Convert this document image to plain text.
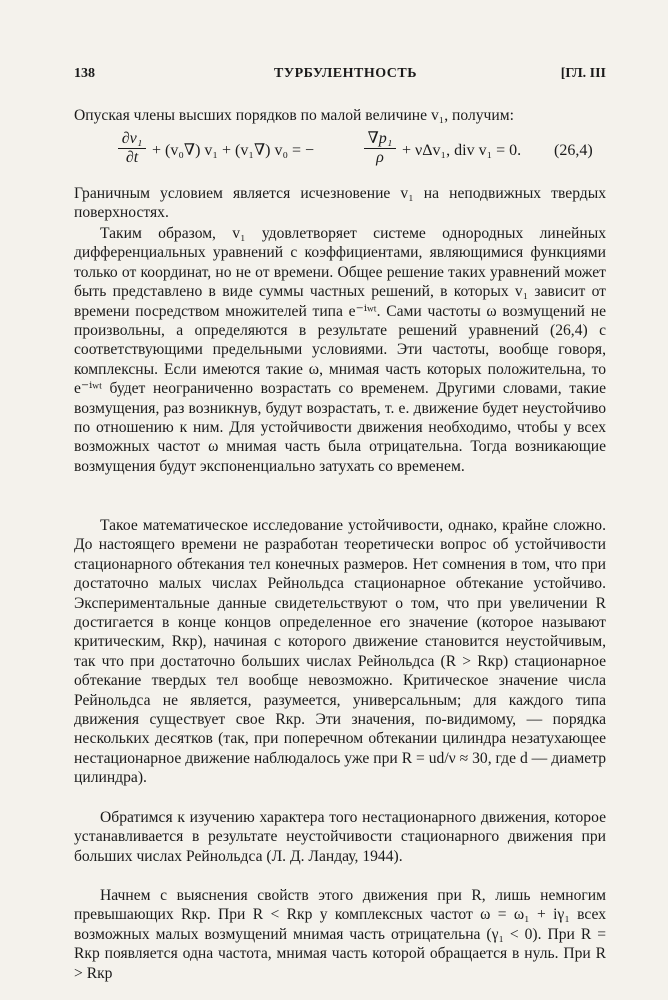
138	ТУРБУЛЕНТНОСТЬ	[ГЛ. III

Опуская члены высших порядков по малой величине v₁, получим:

$\frac{\text{∂v₁}}{\partial t} + (v_0\nabla) v_1 + (v_1\nabla) v_0$ = −	$\frac{\text{∇p₁}}{\rho} + \nu\Delta v_1$, div v₁ = 0. (26,4)

Граничным условием является исчезновение v₁ на неподвижных твердых поверхностях.

Таким образом, v₁ удовлетворяет системе однородных линейных дифференциальных уравнений с коэффициентами, являющимися функциями только от координат, но не от времени. Общее решение таких уравнений может быть представлено в виде суммы частных решений, в которых v₁ зависит от времени посредством множителей типа e⁻ⁱʷᵗ. Сами частоты ω возмущений не произвольны, а определяются в результате решений уравнений (26,4) с соответствующими предельными условиями. Эти частоты, вообще говоря, комплексны. Если имеются такие ω, мнимая часть которых положительна, то e⁻ⁱʷᵗ будет неограниченно возрастать со временем. Другими словами, такие возмущения, раз возникнув, будут возрастать, т. е. движение будет неустойчиво по отношению к ним. Для устойчивости движения необходимо, чтобы у всех возможных частот ω мнимая часть была отрицательна. Тогда возникающие возмущения будут экспоненциально затухать со временем.

Такое математическое исследование устойчивости, однако, крайне сложно. До настоящего времени не разработан теоретически вопрос об устойчивости стационарного обтекания тел конечных размеров. Нет сомнения в том, что при достаточно малых числах Рейнольдса стационарное обтекание устойчиво. Экспериментальные данные свидетельствуют о том, что при увеличении R достигается в конце концов определенное его значение (которое называют критическим, Rкр), начиная с которого движение становится неустойчивым, так что при достаточно больших числах Рейнольдса (R > Rкр) стационарное обтекание твердых тел вообще невозможно. Критическое значение числа Рейнольдса не является, разумеется, универсальным; для каждого типа движения существует свое Rкр. Эти значения, по-видимому, — порядка нескольких десятков (так, при поперечном обтекании цилиндра незатухающее нестационарное движение наблюдалось уже при R = ud/ν ≈ 30, где d — диаметр цилиндра).

Обратимся к изучению характера того нестационарного движения, которое устанавливается в результате неустойчивости стационарного движения при больших числах Рейнольдса (Л. Д. Ландау, 1944).

Начнем с выяснения свойств этого движения при R, лишь немногим превышающих Rкр. При R < Rкр у комплексных частот ω = ω₁ + iγ₁ всех возможных малых возмущений мнимая часть отрицательна (γ₁ < 0). При R = Rкр появляется одна частота, мнимая часть которой обращается в нуль. При R > Rкр
